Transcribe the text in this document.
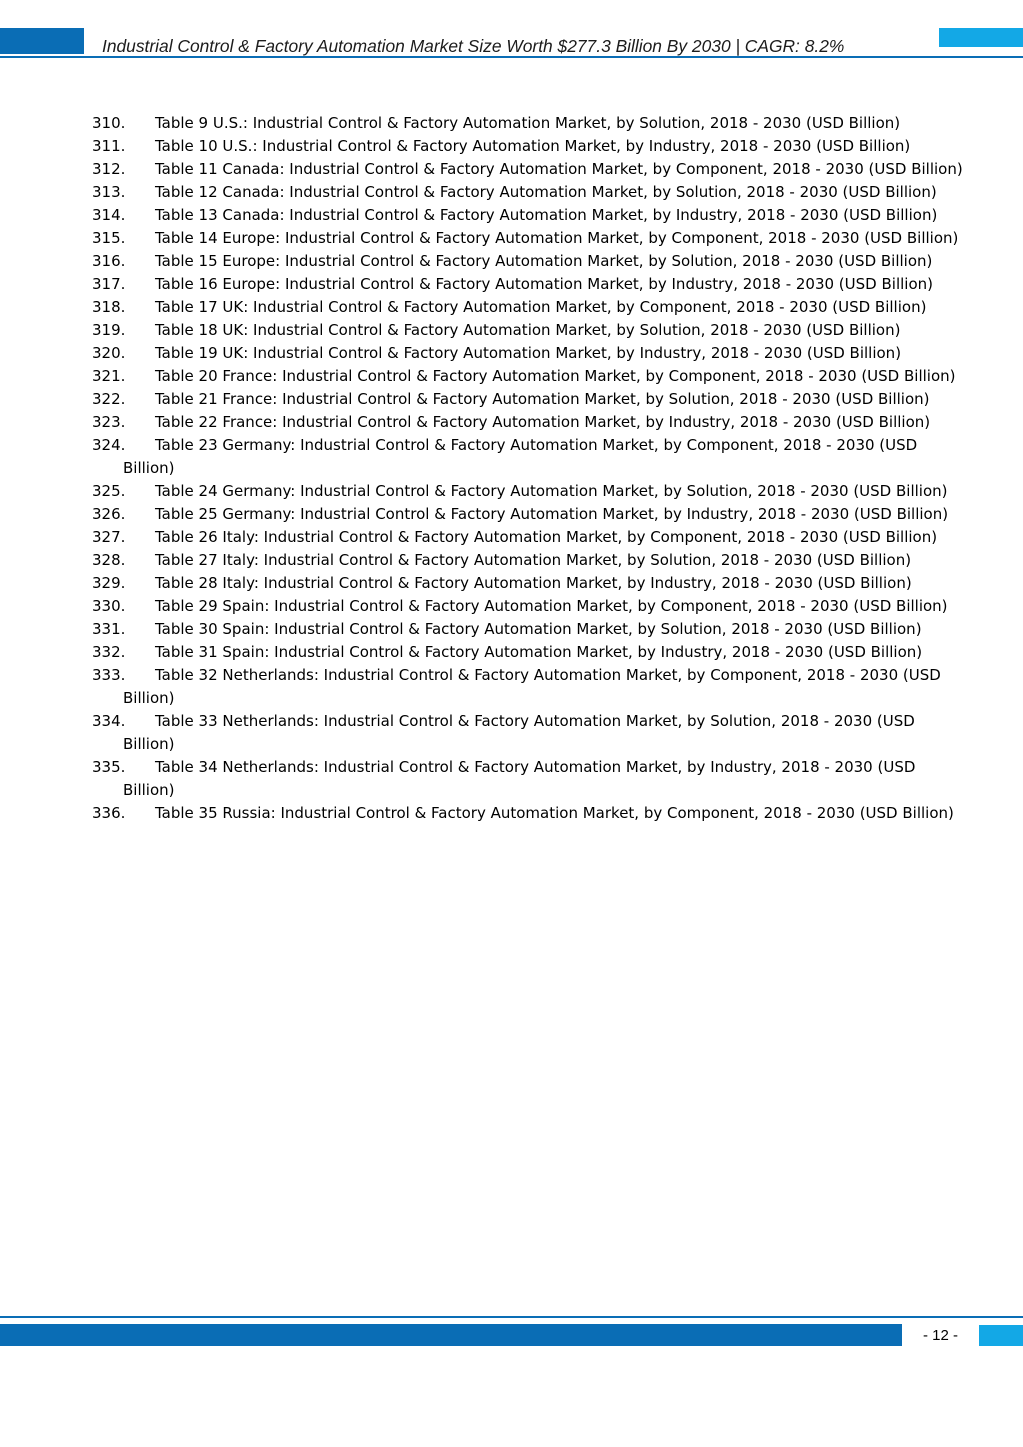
Industrial Control & Factory Automation Market Size Worth $277.3 Billion By 2030 | CAGR: 8.2%
310.	Table 9 U.S.: Industrial Control & Factory Automation Market, by Solution, 2018 - 2030 (USD Billion)
311.	Table 10 U.S.: Industrial Control & Factory Automation Market, by Industry, 2018 - 2030 (USD Billion)
312.	Table 11 Canada: Industrial Control & Factory Automation Market, by Component, 2018 - 2030 (USD Billion)
313.	Table 12 Canada: Industrial Control & Factory Automation Market, by Solution, 2018 - 2030 (USD Billion)
314.	Table 13 Canada: Industrial Control & Factory Automation Market, by Industry, 2018 - 2030 (USD Billion)
315.	Table 14 Europe: Industrial Control & Factory Automation Market, by Component, 2018 - 2030 (USD Billion)
316.	Table 15 Europe: Industrial Control & Factory Automation Market, by Solution, 2018 - 2030 (USD Billion)
317.	Table 16 Europe: Industrial Control & Factory Automation Market, by Industry, 2018 - 2030 (USD Billion)
318.	Table 17 UK: Industrial Control & Factory Automation Market, by Component, 2018 - 2030 (USD Billion)
319.	Table 18 UK: Industrial Control & Factory Automation Market, by Solution, 2018 - 2030 (USD Billion)
320.	Table 19 UK: Industrial Control & Factory Automation Market, by Industry, 2018 - 2030 (USD Billion)
321.	Table 20 France: Industrial Control & Factory Automation Market, by Component, 2018 - 2030 (USD Billion)
322.	Table 21 France: Industrial Control & Factory Automation Market, by Solution, 2018 - 2030 (USD Billion)
323.	Table 22 France: Industrial Control & Factory Automation Market, by Industry, 2018 - 2030 (USD Billion)
324.	Table 23 Germany: Industrial Control & Factory Automation Market, by Component, 2018 - 2030 (USD Billion)
325.	Table 24 Germany: Industrial Control & Factory Automation Market, by Solution, 2018 - 2030 (USD Billion)
326.	Table 25 Germany: Industrial Control & Factory Automation Market, by Industry, 2018 - 2030 (USD Billion)
327.	Table 26 Italy: Industrial Control & Factory Automation Market, by Component, 2018 - 2030 (USD Billion)
328.	Table 27 Italy: Industrial Control & Factory Automation Market, by Solution, 2018 - 2030 (USD Billion)
329.	Table 28 Italy: Industrial Control & Factory Automation Market, by Industry, 2018 - 2030 (USD Billion)
330.	Table 29 Spain: Industrial Control & Factory Automation Market, by Component, 2018 - 2030 (USD Billion)
331.	Table 30 Spain: Industrial Control & Factory Automation Market, by Solution, 2018 - 2030 (USD Billion)
332.	Table 31 Spain: Industrial Control & Factory Automation Market, by Industry, 2018 - 2030 (USD Billion)
333.	Table 32 Netherlands: Industrial Control & Factory Automation Market, by Component, 2018 - 2030 (USD Billion)
334.	Table 33 Netherlands: Industrial Control & Factory Automation Market, by Solution, 2018 - 2030 (USD Billion)
335.	Table 34 Netherlands: Industrial Control & Factory Automation Market, by Industry, 2018 - 2030 (USD Billion)
336.	Table 35 Russia: Industrial Control & Factory Automation Market, by Component, 2018 - 2030 (USD Billion)
- 12 -
